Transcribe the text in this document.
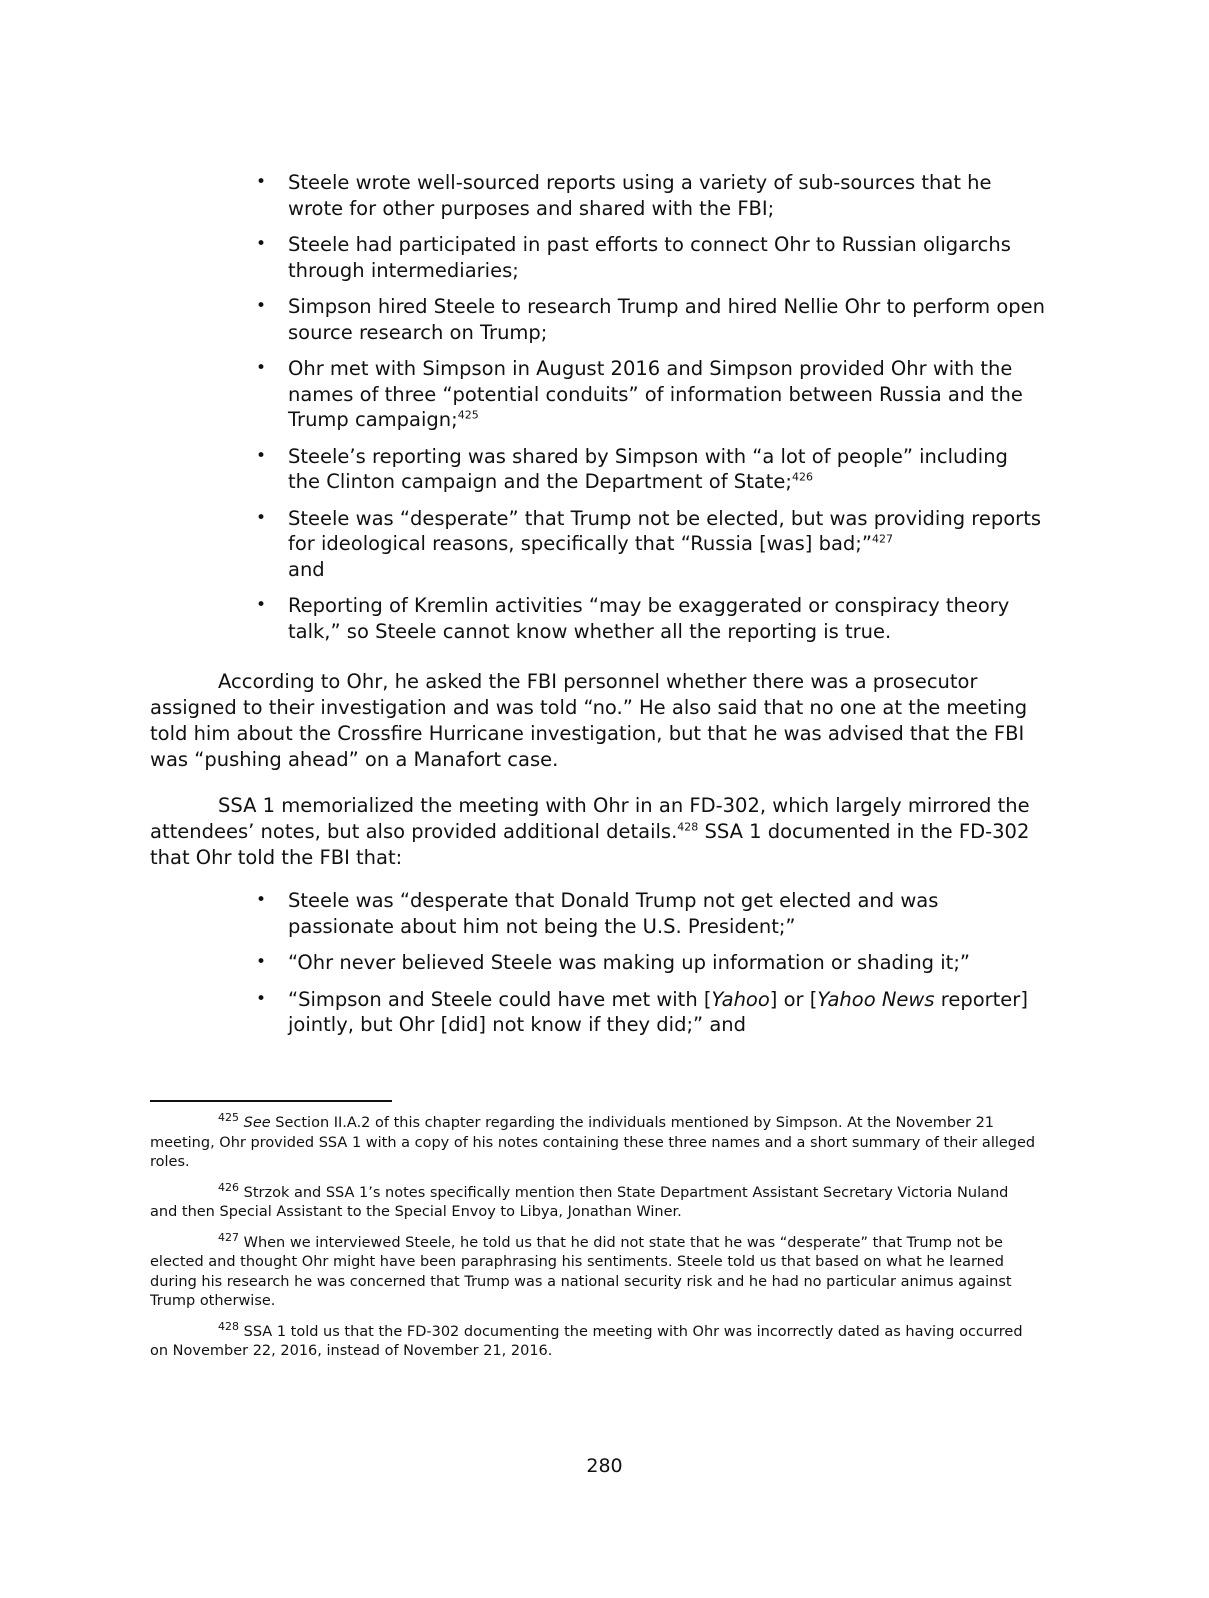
•	Steele wrote well-sourced reports using a variety of sub-sources that he wrote for other purposes and shared with the FBI;
•	Steele had participated in past efforts to connect Ohr to Russian oligarchs through intermediaries;
•	Simpson hired Steele to research Trump and hired Nellie Ohr to perform open source research on Trump;
•	Ohr met with Simpson in August 2016 and Simpson provided Ohr with the names of three “potential conduits” of information between Russia and the Trump campaign;$^{425}$
•	Steele’s reporting was shared by Simpson with “a lot of people” including the Clinton campaign and the Department of State;$^{426}$
•	Steele was “desperate” that Trump not be elected, but was providing reports for ideological reasons, specifically that “Russia [was] bad;”$^{427}$
and
•	Reporting of Kremlin activities “may be exaggerated or conspiracy theory talk,” so Steele cannot know whether all the reporting is true.

According to Ohr, he asked the FBI personnel whether there was a prosecutor assigned to their investigation and was told “no.” He also said that no one at the meeting told him about the Crossfire Hurricane investigation, but that he was advised that the FBI was “pushing ahead” on a Manafort case.

SSA 1 memorialized the meeting with Ohr in an FD-302, which largely mirrored the attendees’ notes, but also provided additional details.$^{428}$ SSA 1 documented in the FD-302 that Ohr told the FBI that:

•	Steele was “desperate that Donald Trump not get elected and was passionate about him not being the U.S. President;”
•	“Ohr never believed Steele was making up information or shading it;”
•	“Simpson and Steele could have met with [Yahoo] or [Yahoo News reporter] jointly, but Ohr [did] not know if they did;” and

$^{425}$ See Section II.A.2 of this chapter regarding the individuals mentioned by Simpson. At the November 21 meeting, Ohr provided SSA 1 with a copy of his notes containing these three names and a short summary of their alleged roles.

$^{426}$ Strzok and SSA 1’s notes specifically mention then State Department Assistant Secretary Victoria Nuland and then Special Assistant to the Special Envoy to Libya, Jonathan Winer.

$^{427}$ When we interviewed Steele, he told us that he did not state that he was “desperate” that Trump not be elected and thought Ohr might have been paraphrasing his sentiments. Steele told us that based on what he learned during his research he was concerned that Trump was a national security risk and he had no particular animus against Trump otherwise.

$^{428}$ SSA 1 told us that the FD-302 documenting the meeting with Ohr was incorrectly dated as having occurred on November 22, 2016, instead of November 21, 2016.

280
